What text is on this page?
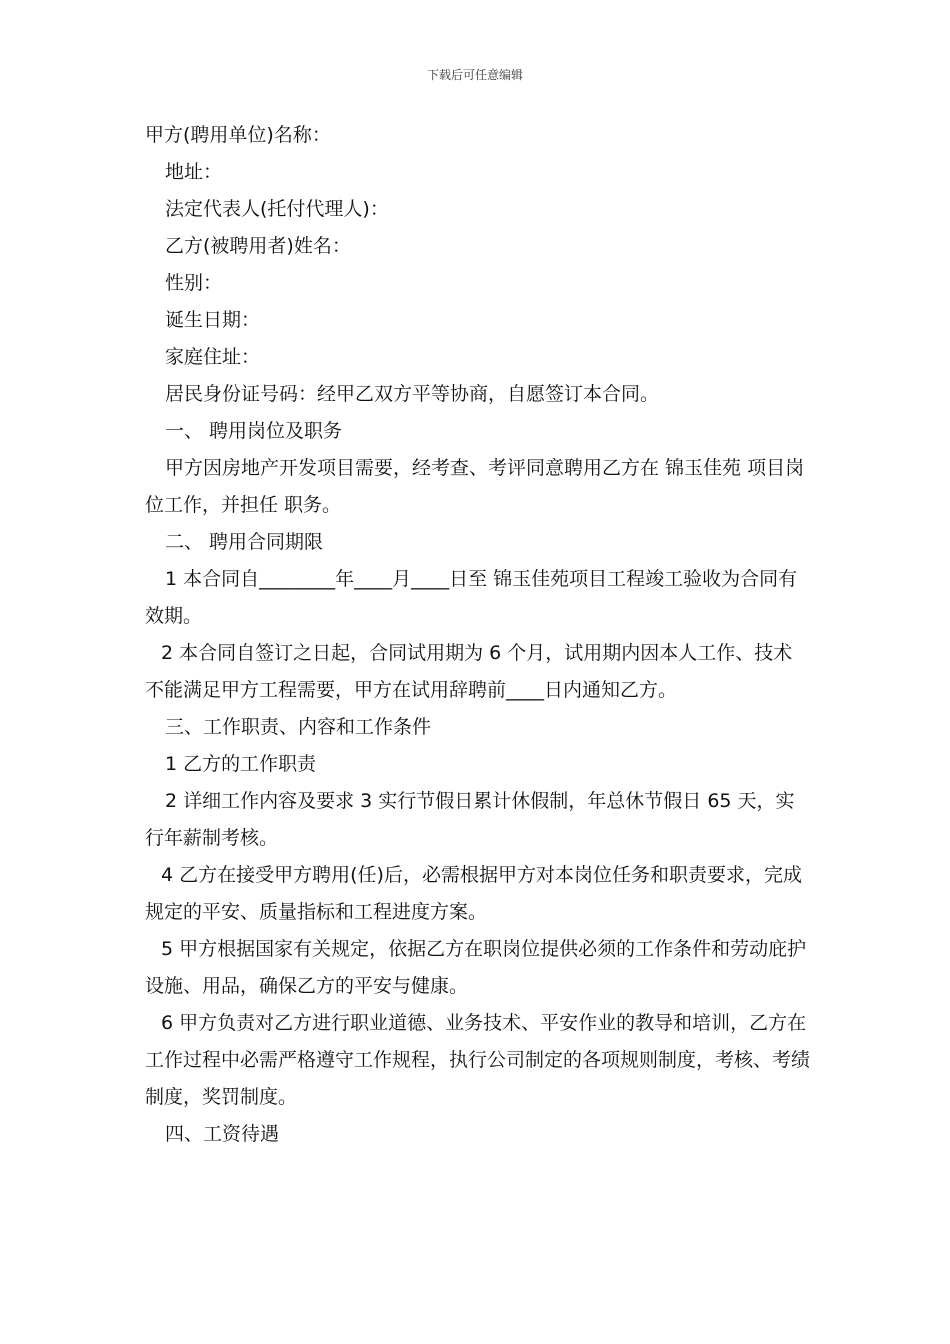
下载后可任意编辑

甲方(聘用单位)名称：

地址：

法定代表人(托付代理人)：

乙方(被聘用者)姓名：

性别：

诞生日期：

家庭住址：

居民身份证号码：经甲乙双方平等协商，自愿签订本合同。

一、 聘用岗位及职务

甲方因房地产开发项目需要，经考查、考评同意聘用乙方在 锦玉佳苑 项目岗位工作，并担任 职务。

二、 聘用合同期限

1 本合同自________年____月____日至 锦玉佳苑项目工程竣工验收为合同有效期。

2 本合同自签订之日起，合同试用期为 6 个月，试用期内因本人工作、技术不能满足甲方工程需要，甲方在试用辞聘前____日内通知乙方。

三、工作职责、内容和工作条件

1 乙方的工作职责

2 详细工作内容及要求 3 实行节假日累计休假制，年总休节假日 65 天，实行年薪制考核。

4 乙方在接受甲方聘用(任)后，必需根据甲方对本岗位任务和职责要求，完成规定的平安、质量指标和工程进度方案。

5 甲方根据国家有关规定，依据乙方在职岗位提供必须的工作条件和劳动庇护设施、用品，确保乙方的平安与健康。

6 甲方负责对乙方进行职业道德、业务技术、平安作业的教导和培训，乙方在工作过程中必需严格遵守工作规程，执行公司制定的各项规则制度，考核、考绩制度，奖罚制度。

四、工资待遇
